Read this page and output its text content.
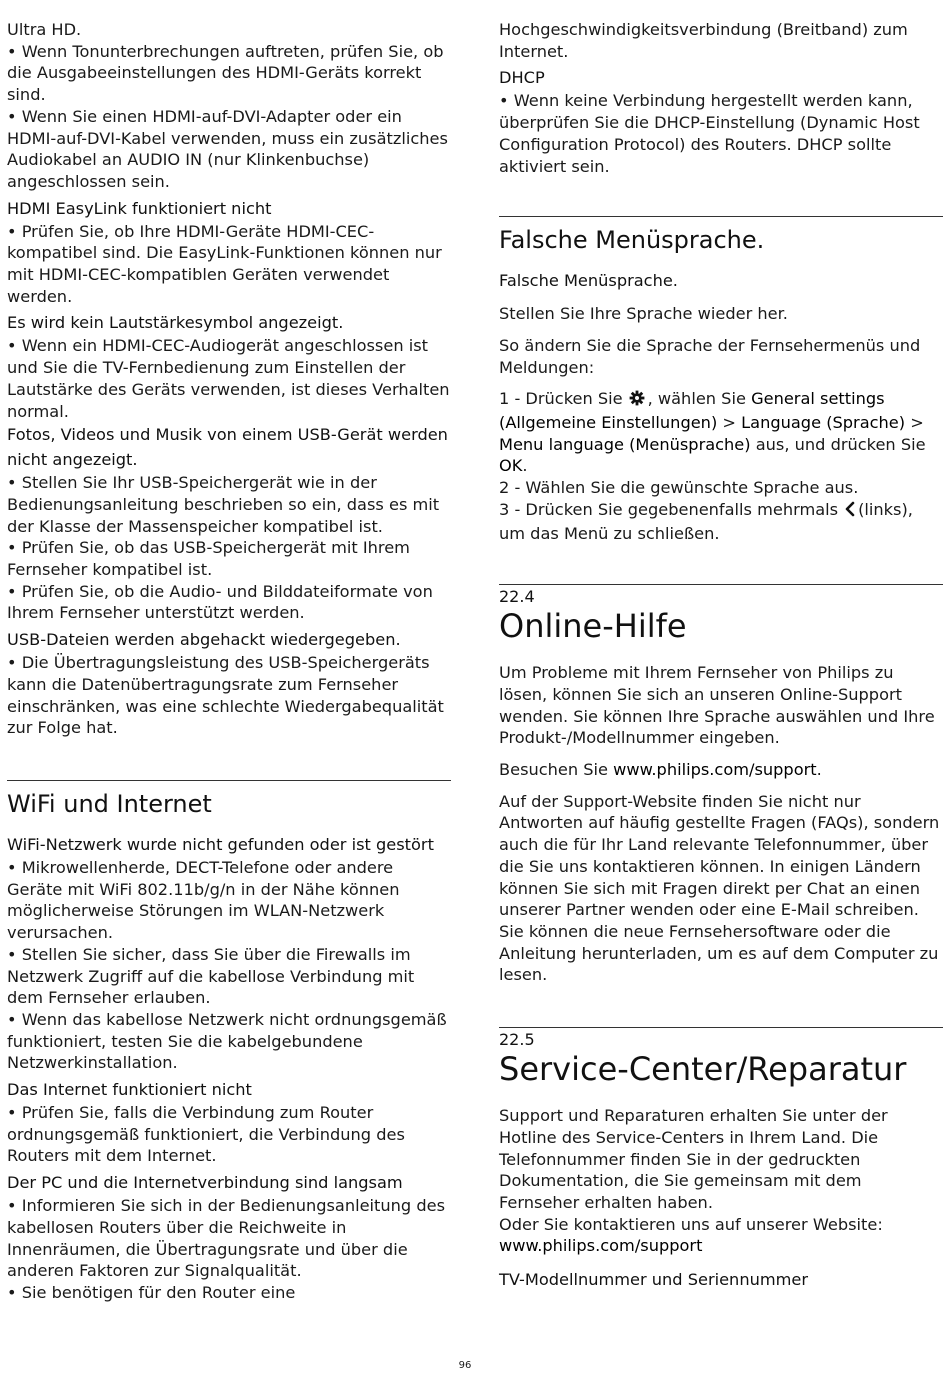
Ultra HD.

• Wenn Tonunterbrechungen auftreten, prüfen Sie, ob die Ausgabeeinstellungen des HDMI-Geräts korrekt sind.

• Wenn Sie einen HDMI-auf-DVI-Adapter oder ein HDMI-auf-DVI-Kabel verwenden, muss ein zusätzliches Audiokabel an AUDIO IN (nur Klinkenbuchse) angeschlossen sein.

HDMI EasyLink funktioniert nicht

• Prüfen Sie, ob Ihre HDMI-Geräte HDMI-CEC-kompatibel sind. Die EasyLink-Funktionen können nur mit HDMI-CEC-kompatiblen Geräten verwendet werden.

Es wird kein Lautstärkesymbol angezeigt.

• Wenn ein HDMI-CEC-Audiogerät angeschlossen ist und Sie die TV-Fernbedienung zum Einstellen der Lautstärke des Geräts verwenden, ist dieses Verhalten normal.

Fotos, Videos und Musik von einem USB-Gerät werden nicht angezeigt.

• Stellen Sie Ihr USB-Speichergerät wie in der Bedienungsanleitung beschrieben so ein, dass es mit der Klasse der Massenspeicher kompatibel ist.

• Prüfen Sie, ob das USB-Speichergerät mit Ihrem Fernseher kompatibel ist.

• Prüfen Sie, ob die Audio- und Bilddateiformate von Ihrem Fernseher unterstützt werden.

USB-Dateien werden abgehackt wiedergegeben.

• Die Übertragungsleistung des USB-Speichergeräts kann die Datenübertragungsrate zum Fernseher einschränken, was eine schlechte Wiedergabequalität zur Folge hat.

WiFi und Internet

WiFi-Netzwerk wurde nicht gefunden oder ist gestört

• Mikrowellenherde, DECT-Telefone oder andere Geräte mit WiFi 802.11b/g/n in der Nähe können möglicherweise Störungen im WLAN-Netzwerk verursachen.

• Stellen Sie sicher, dass Sie über die Firewalls im Netzwerk Zugriff auf die kabellose Verbindung mit dem Fernseher erlauben.

• Wenn das kabellose Netzwerk nicht ordnungsgemäß funktioniert, testen Sie die kabelgebundene Netzwerkinstallation.

Das Internet funktioniert nicht

• Prüfen Sie, falls die Verbindung zum Router ordnungsgemäß funktioniert, die Verbindung des Routers mit dem Internet.

Der PC und die Internetverbindung sind langsam

• Informieren Sie sich in der Bedienungsanleitung des kabellosen Routers über die Reichweite in Innenräumen, die Übertragungsrate und über die anderen Faktoren zur Signalqualität.

• Sie benötigen für den Router eine

Hochgeschwindigkeitsverbindung (Breitband) zum Internet.

DHCP

• Wenn keine Verbindung hergestellt werden kann, überprüfen Sie die DHCP-Einstellung (Dynamic Host Configuration Protocol) des Routers. DHCP sollte aktiviert sein.

Falsche Menüsprache.

Falsche Menüsprache.

Stellen Sie Ihre Sprache wieder her.

So ändern Sie die Sprache der Fernsehermenüs und Meldungen:

1 - Drücken Sie , wählen Sie General settings (Allgemeine Einstellungen) > Language (Sprache) > Menu language (Menüsprache) aus, und drücken Sie OK.

2 - Wählen Sie die gewünschte Sprache aus.

3 - Drücken Sie gegebenenfalls mehrmals (links), um das Menü zu schließen.

22.4

Online-Hilfe

Um Probleme mit Ihrem Fernseher von Philips zu lösen, können Sie sich an unseren Online-Support wenden. Sie können Ihre Sprache auswählen und Ihre Produkt-/Modellnummer eingeben.

Besuchen Sie www.philips.com/support.

Auf der Support-Website finden Sie nicht nur Antworten auf häufig gestellte Fragen (FAQs), sondern auch die für Ihr Land relevante Telefonnummer, über die Sie uns kontaktieren können. In einigen Ländern können Sie sich mit Fragen direkt per Chat an einen unserer Partner wenden oder eine E-Mail schreiben.

Sie können die neue Fernsehersoftware oder die Anleitung herunterladen, um es auf dem Computer zu lesen.

22.5

Service-Center/Reparatur

Support und Reparaturen erhalten Sie unter der Hotline des Service-Centers in Ihrem Land. Die Telefonnummer finden Sie in der gedruckten Dokumentation, die Sie gemeinsam mit dem Fernseher erhalten haben.

Oder Sie kontaktieren uns auf unserer Website:

www.philips.com/support

TV-Modellnummer und Seriennummer

96
